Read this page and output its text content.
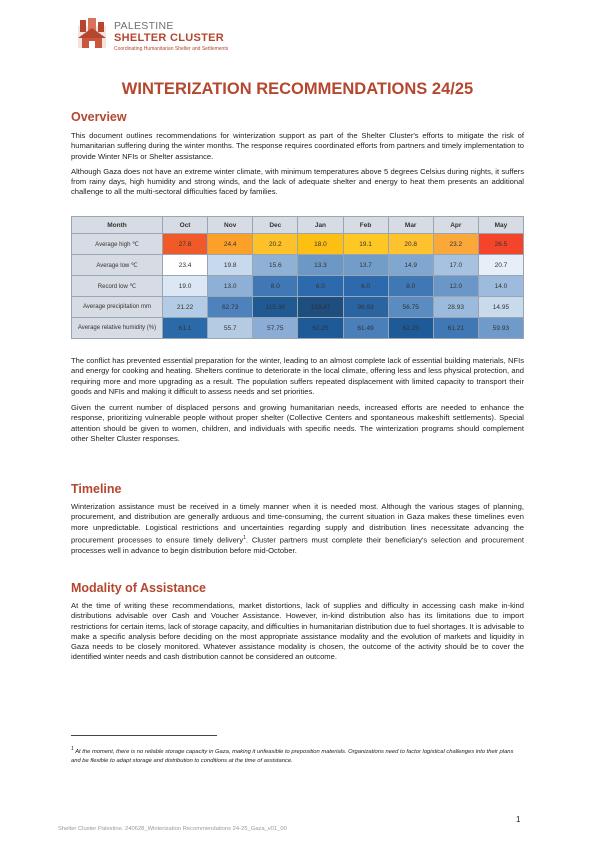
PALESTINE
SHELTER CLUSTER
Coordinating Humanitarian Shelter and Settlements
WINTERIZATION RECOMMENDATIONS 24/25
Overview

This document outlines recommendations for winterization support as part of the Shelter Cluster's efforts to mitigate the risk of humanitarian suffering during the winter months. The response requires coordinated efforts from partners and timely implementation to provide Winter NFIs or Shelter assistance.

Although Gaza does not have an extreme winter climate, with minimum temperatures above 5 degrees Celsius during nights, it suffers from rainy days, high humidity and strong winds, and the lack of adequate shelter and energy to heat them presents an additional challenge to all the multi-sectoral difficulties faced by families.

Month	Oct	Nov	Dec	Jan	Feb	Mar	Apr	May
Average high ℃	27.8	24.4	20.2	18.0	19.1	20.8	23.2	26.5
Average low ℃	23.4	19.8	15.6	13.3	13.7	14.9	17.0	20.7
Record low ℃	19.0	13.0	8.0	6.0	6.0	8.0	12.0	14.0
Average precipitation mm	21.22	62.73	115.36	128.47	98.93	56.75	28.93	14.95
Average relative humidity (%)	61.1	55.7	57.75	62.25	61.49	62.25	61.21	59.93

The conflict has prevented essential preparation for the winter, leading to an almost complete lack of essential building materials, NFIs and energy for cooking and heating. Shelters continue to deteriorate in the local climate, offering less and less physical protection, and requiring more and more upgrading as a result. The population suffers repeated displacement with limited capacity to transport their goods and NFIs and making it difficult to assess needs and set priorities.

Given the current number of displaced persons and growing humanitarian needs, increased efforts are needed to enhance the response, prioritizing vulnerable people without proper shelter (Collective Centers and spontaneous makeshift settlements). Special attention should be given to women, children, and individuals with specific needs. The winterization programs should complement other Shelter Cluster responses.

Timeline

Winterization assistance must be received in a timely manner when it is needed most. Although the various stages of planning, procurement, and distribution are generally arduous and time-consuming, the current situation in Gaza makes these timelines even more unpredictable. Logistical restrictions and uncertainties regarding supply and distribution lines necessitate advancing the procurement processes to ensure timely delivery$^1$. Cluster partners must complete their beneficiary's selection and procurement processes well in advance to begin distribution before mid-October.

Modality of Assistance

At the time of writing these recommendations, market distortions, lack of supplies and difficulty in accessing cash make in-kind distributions advisable over Cash and Voucher Assistance. However, in-kind distribution also has its limitations due to import restrictions for certain items, lack of storage capacity, and difficulties in humanitarian distribution due to fuel shortages. It is advisable to make a specific analysis before deciding on the most appropriate assistance modality and the evolution of markets and liquidity in Gaza needs to be closely monitored. Whatever assistance modality is chosen, the outcome of the activity should be to cover the identified winter needs and cash distribution cannot be considered an outcome.

$^1$ At the moment, there is no reliable storage capacity in Gaza, making it unfeasible to preposition materials. Organizations need to factor logistical challenges into their plans and be flexible to adapt storage and distribution to conditions at the time of assistance.
1
Shelter Cluster Palestine. 240628_Winterization Recommendations 24-25_Gaza_v01_00
